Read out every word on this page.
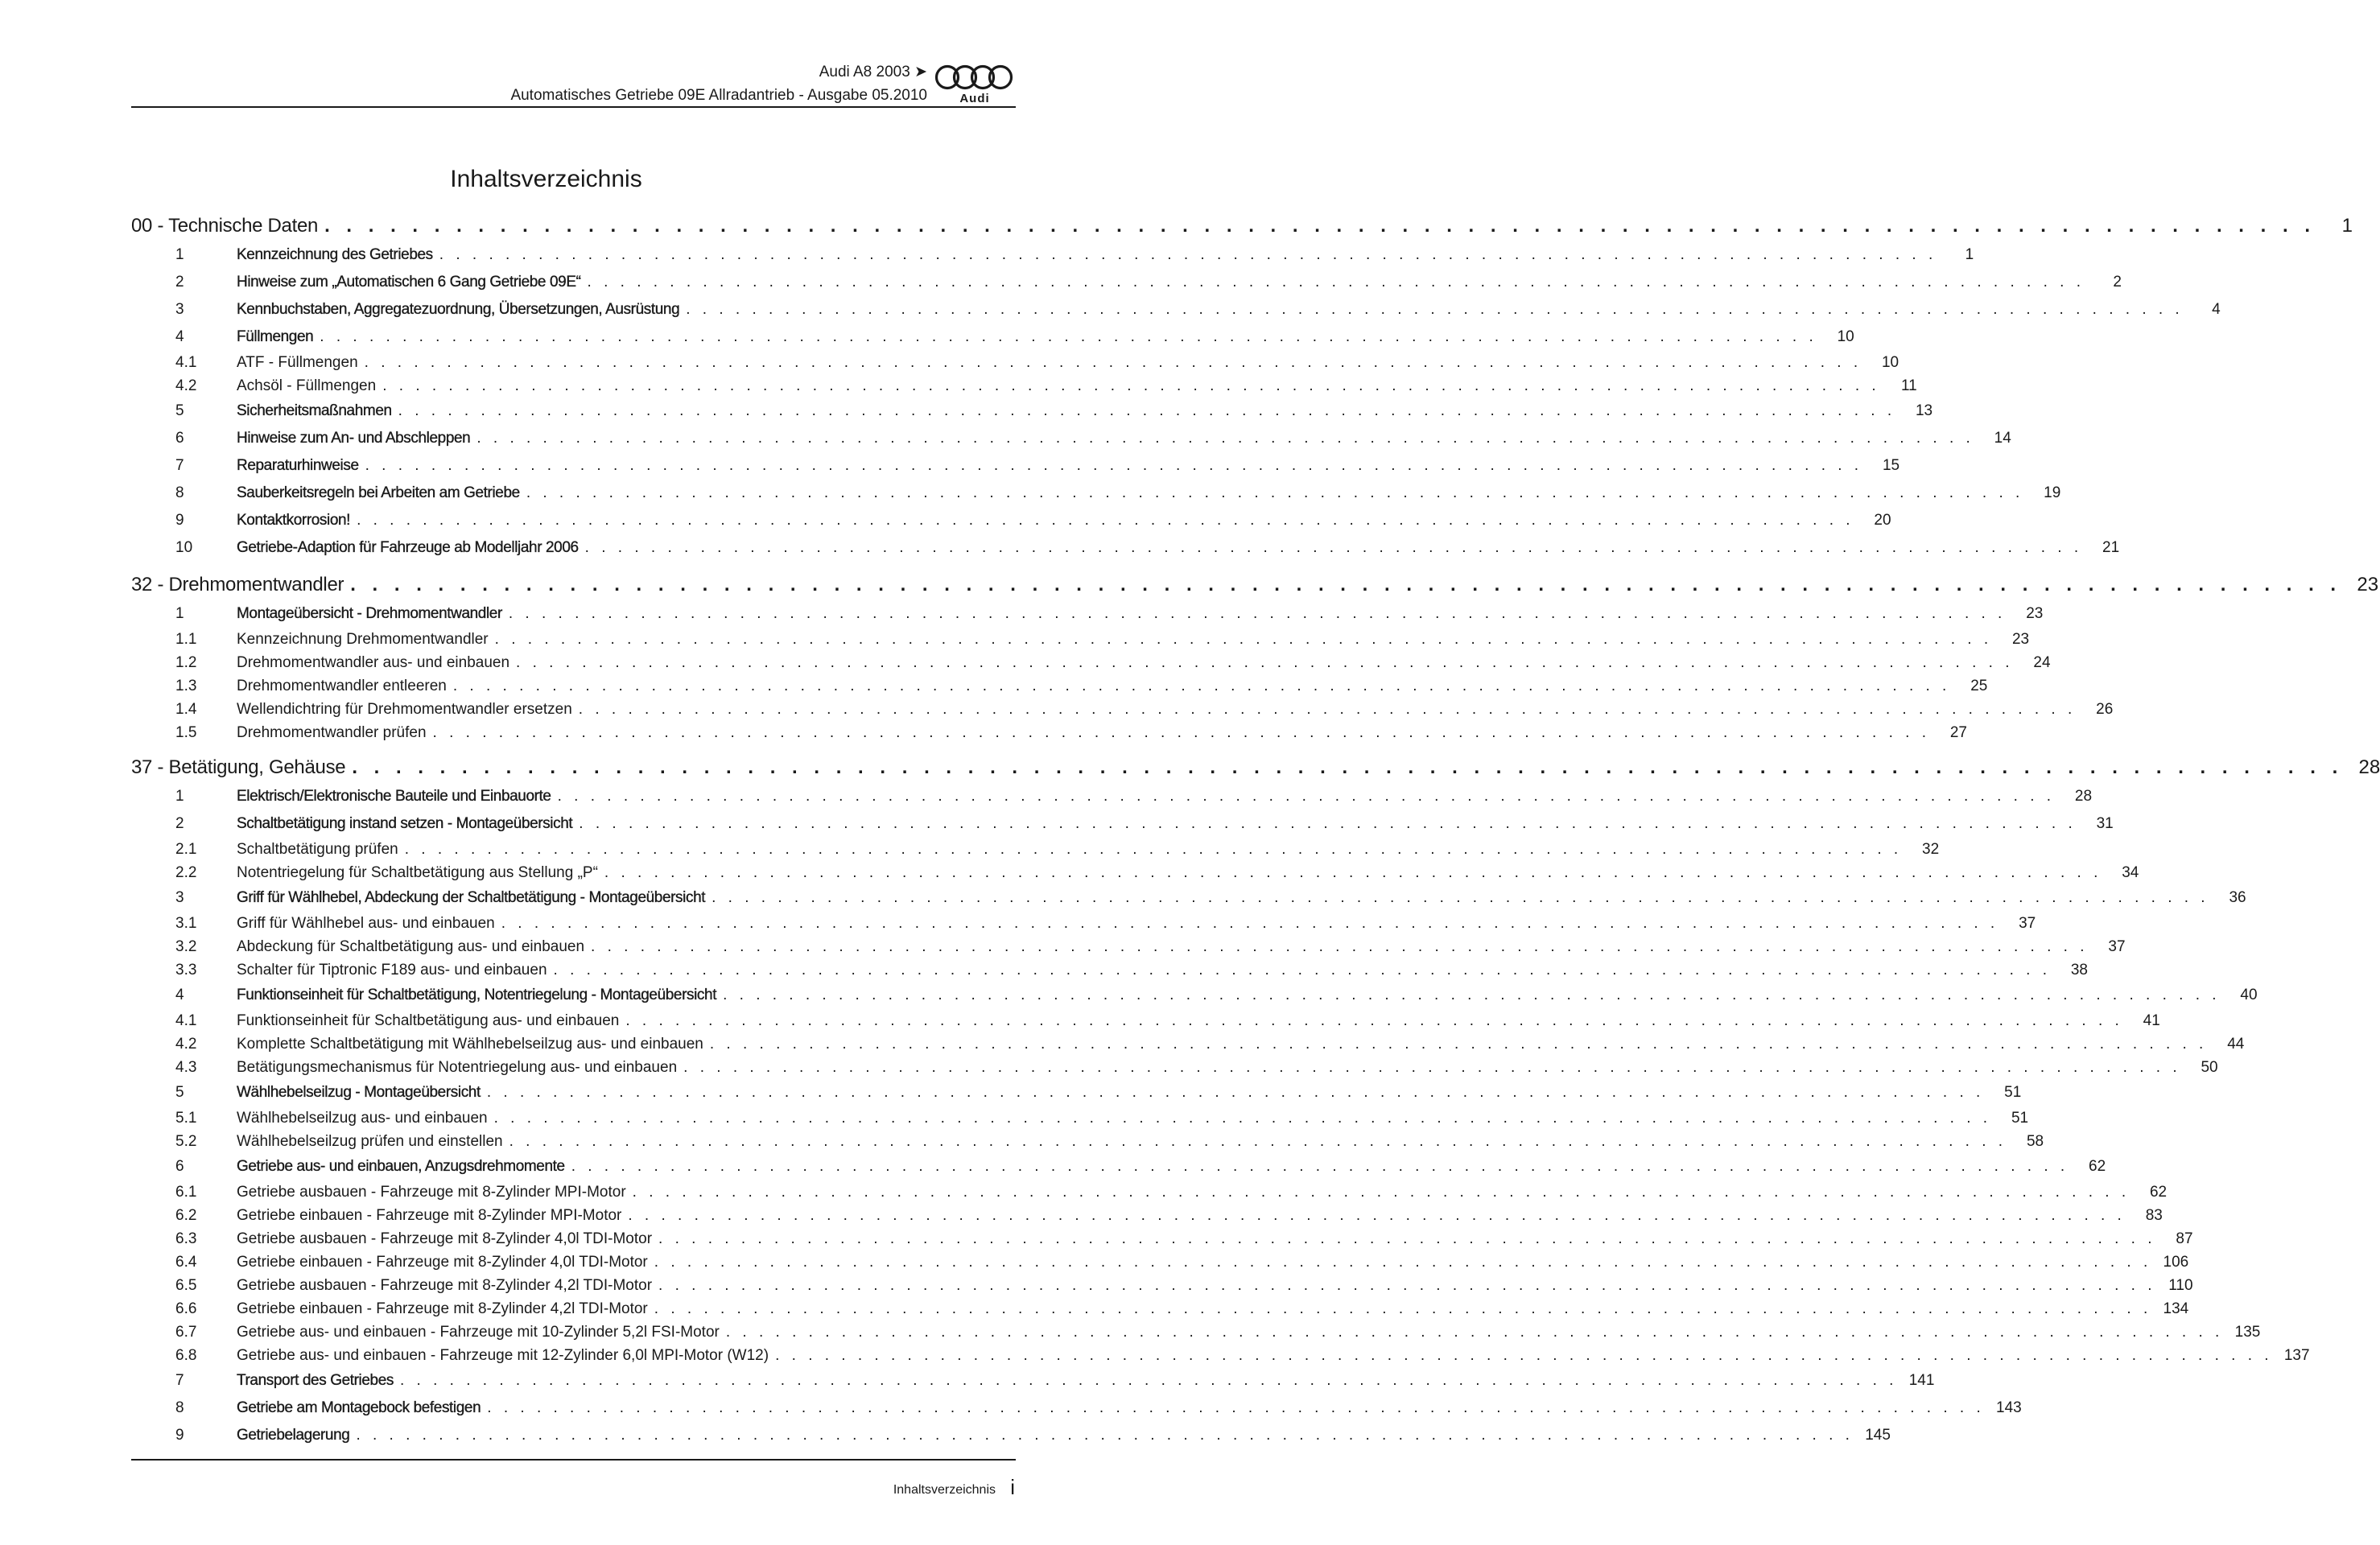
Audi A8 2003 ➤
Automatisches Getriebe 09E Allradantrieb - Ausgabe 05.2010	Audi
Inhaltsverzeichnis
00 - Technische Daten . . . . . . . . . . . . . . . . . . . . . . . . . . . . . . . . . . . . . . . . . . . . . . . . . . . . . . . . . . . . . . . . . . . . . . . . . . . . . . . . . . . . . . . . . . .	1
1	Kennzeichnung des Getriebes . . . . . . . . . . . . . . . . . . . . . . . . . . . . . . . . . . . . . . . . . . . . . . . . . . . . . . . . . . . . . . . . . . . . . . . . . . . . . . . . . . . . . . . . . . .	1
2	Hinweise zum „Automatischen 6 Gang Getriebe 09E“ . . . . . . . . . . . . . . . . . . . . . . . . . . . . . . . . . . . . . . . . . . . . . . . . . . . . . . . . . . . . . . . . . . . . . . . . . . . . . . . . . . . . . . . . . . .	2
3	Kennbuchstaben, Aggregatezuordnung, Übersetzungen, Ausrüstung . . . . . . . . . . . . . . . . . . . . . . . . . . . . . . . . . . . . . . . . . . . . . . . . . . . . . . . . . . . . . . . . . . . . . . . . . . . . . . . . . . . . . . . . . . .	4
4	Füllmengen . . . . . . . . . . . . . . . . . . . . . . . . . . . . . . . . . . . . . . . . . . . . . . . . . . . . . . . . . . . . . . . . . . . . . . . . . . . . . . . . . . . . . . . . . . .	10
4.1	ATF - Füllmengen . . . . . . . . . . . . . . . . . . . . . . . . . . . . . . . . . . . . . . . . . . . . . . . . . . . . . . . . . . . . . . . . . . . . . . . . . . . . . . . . . . . . . . . . . . .	10
4.2	Achsöl - Füllmengen . . . . . . . . . . . . . . . . . . . . . . . . . . . . . . . . . . . . . . . . . . . . . . . . . . . . . . . . . . . . . . . . . . . . . . . . . . . . . . . . . . . . . . . . . . .	11
5	Sicherheitsmaßnahmen . . . . . . . . . . . . . . . . . . . . . . . . . . . . . . . . . . . . . . . . . . . . . . . . . . . . . . . . . . . . . . . . . . . . . . . . . . . . . . . . . . . . . . . . . . .	13
6	Hinweise zum An- und Abschleppen . . . . . . . . . . . . . . . . . . . . . . . . . . . . . . . . . . . . . . . . . . . . . . . . . . . . . . . . . . . . . . . . . . . . . . . . . . . . . . . . . . . . . . . . . . .	14
7	Reparaturhinweise . . . . . . . . . . . . . . . . . . . . . . . . . . . . . . . . . . . . . . . . . . . . . . . . . . . . . . . . . . . . . . . . . . . . . . . . . . . . . . . . . . . . . . . . . . .	15
8	Sauberkeitsregeln bei Arbeiten am Getriebe . . . . . . . . . . . . . . . . . . . . . . . . . . . . . . . . . . . . . . . . . . . . . . . . . . . . . . . . . . . . . . . . . . . . . . . . . . . . . . . . . . . . . . . . . . .	19
9	Kontaktkorrosion! . . . . . . . . . . . . . . . . . . . . . . . . . . . . . . . . . . . . . . . . . . . . . . . . . . . . . . . . . . . . . . . . . . . . . . . . . . . . . . . . . . . . . . . . . . .	20
10	Getriebe-Adaption für Fahrzeuge ab Modelljahr 2006 . . . . . . . . . . . . . . . . . . . . . . . . . . . . . . . . . . . . . . . . . . . . . . . . . . . . . . . . . . . . . . . . . . . . . . . . . . . . . . . . . . . . . . . . . . .	21
32 - Drehmomentwandler . . . . . . . . . . . . . . . . . . . . . . . . . . . . . . . . . . . . . . . . . . . . . . . . . . . . . . . . . . . . . . . . . . . . . . . . . . . . . . . . . . . . . . . . . . . 23
1	Montageübersicht - Drehmomentwandler . . . . . . . . . . . . . . . . . . . . . . . . . . . . . . . . . . . . . . . . . . . . . . . . . . . . . . . . . . . . . . . . . . . . . . . . . . . . . . . . . . . . . . . . . . .	23
1.1	Kennzeichnung Drehmomentwandler . . . . . . . . . . . . . . . . . . . . . . . . . . . . . . . . . . . . . . . . . . . . . . . . . . . . . . . . . . . . . . . . . . . . . . . . . . . . . . . . . . . . . . . . . . .	23
1.2	Drehmomentwandler aus- und einbauen . . . . . . . . . . . . . . . . . . . . . . . . . . . . . . . . . . . . . . . . . . . . . . . . . . . . . . . . . . . . . . . . . . . . . . . . . . . . . . . . . . . . . . . . . . .	24
1.3	Drehmomentwandler entleeren . . . . . . . . . . . . . . . . . . . . . . . . . . . . . . . . . . . . . . . . . . . . . . . . . . . . . . . . . . . . . . . . . . . . . . . . . . . . . . . . . . . . . . . . . . .	25
1.4	Wellendichtring für Drehmomentwandler ersetzen . . . . . . . . . . . . . . . . . . . . . . . . . . . . . . . . . . . . . . . . . . . . . . . . . . . . . . . . . . . . . . . . . . . . . . . . . . . . . . . . . . . . . . . . . . .	26
1.5	Drehmomentwandler prüfen . . . . . . . . . . . . . . . . . . . . . . . . . . . . . . . . . . . . . . . . . . . . . . . . . . . . . . . . . . . . . . . . . . . . . . . . . . . . . . . . . . . . . . . . . . .	27
37 - Betätigung, Gehäuse . . . . . . . . . . . . . . . . . . . . . . . . . . . . . . . . . . . . . . . . . . . . . . . . . . . . . . . . . . . . . . . . . . . . . . . . . . . . . . . . . . . . . . . . . . . 28
1	Elektrisch/Elektronische Bauteile und Einbauorte . . . . . . . . . . . . . . . . . . . . . . . . . . . . . . . . . . . . . . . . . . . . . . . . . . . . . . . . . . . . . . . . . . . . . . . . . . . . . . . . . . . . . . . . . . .	28
2	Schaltbetätigung instand setzen - Montageübersicht . . . . . . . . . . . . . . . . . . . . . . . . . . . . . . . . . . . . . . . . . . . . . . . . . . . . . . . . . . . . . . . . . . . . . . . . . . . . . . . . . . . . . . . . . . .	31
2.1	Schaltbetätigung prüfen . . . . . . . . . . . . . . . . . . . . . . . . . . . . . . . . . . . . . . . . . . . . . . . . . . . . . . . . . . . . . . . . . . . . . . . . . . . . . . . . . . . . . . . . . . .	32
2.2	Notentriegelung für Schaltbetätigung aus Stellung „P“ . . . . . . . . . . . . . . . . . . . . . . . . . . . . . . . . . . . . . . . . . . . . . . . . . . . . . . . . . . . . . . . . . . . . . . . . . . . . . . . . . . . . . . . . . . .	34
3	Griff für Wählhebel, Abdeckung der Schaltbetätigung - Montageübersicht . . . . . . . . . . . . . . . . . . . . . . . . . . . . . . . . . . . . . . . . . . . . . . . . . . . . . . . . . . . . . . . . . . . . . . . . . . . . . . . . . . . . . . . . . . .	36
3.1	Griff für Wählhebel aus- und einbauen . . . . . . . . . . . . . . . . . . . . . . . . . . . . . . . . . . . . . . . . . . . . . . . . . . . . . . . . . . . . . . . . . . . . . . . . . . . . . . . . . . . . . . . . . . .	37
3.2	Abdeckung für Schaltbetätigung aus- und einbauen . . . . . . . . . . . . . . . . . . . . . . . . . . . . . . . . . . . . . . . . . . . . . . . . . . . . . . . . . . . . . . . . . . . . . . . . . . . . . . . . . . . . . . . . . . .	37
3.3	Schalter für Tiptronic F189 aus- und einbauen . . . . . . . . . . . . . . . . . . . . . . . . . . . . . . . . . . . . . . . . . . . . . . . . . . . . . . . . . . . . . . . . . . . . . . . . . . . . . . . . . . . . . . . . . . .	38
4	Funktionseinheit für Schaltbetätigung, Notentriegelung - Montageübersicht . . . . . . . . . . . . . . . . . . . . . . . . . . . . . . . . . . . . . . . . . . . . . . . . . . . . . . . . . . . . . . . . . . . . . . . . . . . . . . . . . . . . . . . . . . .	40
4.1	Funktionseinheit für Schaltbetätigung aus- und einbauen . . . . . . . . . . . . . . . . . . . . . . . . . . . . . . . . . . . . . . . . . . . . . . . . . . . . . . . . . . . . . . . . . . . . . . . . . . . . . . . . . . . . . . . . . . .	41
4.2	Komplette Schaltbetätigung mit Wählhebelseilzug aus- und einbauen . . . . . . . . . . . . . . . . . . . . . . . . . . . . . . . . . . . . . . . . . . . . . . . . . . . . . . . . . . . . . . . . . . . . . . . . . . . . . . . . . . . . . . . . . . .	44
4.3	Betätigungsmechanismus für Notentriegelung aus- und einbauen . . . . . . . . . . . . . . . . . . . . . . . . . . . . . . . . . . . . . . . . . . . . . . . . . . . . . . . . . . . . . . . . . . . . . . . . . . . . . . . . . . . . . . . . . . .	50
5	Wählhebelseilzug - Montageübersicht . . . . . . . . . . . . . . . . . . . . . . . . . . . . . . . . . . . . . . . . . . . . . . . . . . . . . . . . . . . . . . . . . . . . . . . . . . . . . . . . . . . . . . . . . . .	51
5.1	Wählhebelseilzug aus- und einbauen . . . . . . . . . . . . . . . . . . . . . . . . . . . . . . . . . . . . . . . . . . . . . . . . . . . . . . . . . . . . . . . . . . . . . . . . . . . . . . . . . . . . . . . . . . .	51
5.2	Wählhebelseilzug prüfen und einstellen . . . . . . . . . . . . . . . . . . . . . . . . . . . . . . . . . . . . . . . . . . . . . . . . . . . . . . . . . . . . . . . . . . . . . . . . . . . . . . . . . . . . . . . . . . .	58
6	Getriebe aus- und einbauen, Anzugsdrehmomente . . . . . . . . . . . . . . . . . . . . . . . . . . . . . . . . . . . . . . . . . . . . . . . . . . . . . . . . . . . . . . . . . . . . . . . . . . . . . . . . . . . . . . . . . . .	62
6.1	Getriebe ausbauen - Fahrzeuge mit 8-Zylinder MPI-Motor . . . . . . . . . . . . . . . . . . . . . . . . . . . . . . . . . . . . . . . . . . . . . . . . . . . . . . . . . . . . . . . . . . . . . . . . . . . . . . . . . . . . . . . . . . .	62
6.2	Getriebe einbauen - Fahrzeuge mit 8-Zylinder MPI-Motor . . . . . . . . . . . . . . . . . . . . . . . . . . . . . . . . . . . . . . . . . . . . . . . . . . . . . . . . . . . . . . . . . . . . . . . . . . . . . . . . . . . . . . . . . . .	83
6.3	Getriebe ausbauen - Fahrzeuge mit 8-Zylinder 4,0l TDI-Motor . . . . . . . . . . . . . . . . . . . . . . . . . . . . . . . . . . . . . . . . . . . . . . . . . . . . . . . . . . . . . . . . . . . . . . . . . . . . . . . . . . . . . . . . . . .	87
6.4	Getriebe einbauen - Fahrzeuge mit 8-Zylinder 4,0l TDI-Motor . . . . . . . . . . . . . . . . . . . . . . . . . . . . . . . . . . . . . . . . . . . . . . . . . . . . . . . . . . . . . . . . . . . . . . . . . . . . . . . . . . . . . . . . . . . 106
6.5	Getriebe ausbauen - Fahrzeuge mit 8-Zylinder 4,2l TDI-Motor . . . . . . . . . . . . . . . . . . . . . . . . . . . . . . . . . . . . . . . . . . . . . . . . . . . . . . . . . . . . . . . . . . . . . . . . . . . . . . . . . . . . . . . . . . . 110
6.6	Getriebe einbauen - Fahrzeuge mit 8-Zylinder 4,2l TDI-Motor . . . . . . . . . . . . . . . . . . . . . . . . . . . . . . . . . . . . . . . . . . . . . . . . . . . . . . . . . . . . . . . . . . . . . . . . . . . . . . . . . . . . . . . . . . . 134
6.7	Getriebe aus- und einbauen - Fahrzeuge mit 10-Zylinder 5,2l FSI-Motor . . . . . . . . . . . . . . . . . . . . . . . . . . . . . . . . . . . . . . . . . . . . . . . . . . . . . . . . . . . . . . . . . . . . . . . . . . . . . . . . . . . . . . . . . . . 135
6.8	Getriebe aus- und einbauen - Fahrzeuge mit 12-Zylinder 6,0l MPI-Motor (W12) . . . . . . . . . . . . . . . . . . . . . . . . . . . . . . . . . . . . . . . . . . . . . . . . . . . . . . . . . . . . . . . . . . . . . . . . . . . . . . . . . . . . . . . . . . . 137
7	Transport des Getriebes . . . . . . . . . . . . . . . . . . . . . . . . . . . . . . . . . . . . . . . . . . . . . . . . . . . . . . . . . . . . . . . . . . . . . . . . . . . . . . . . . . . . . . . . . . . 141
8	Getriebe am Montagebock befestigen . . . . . . . . . . . . . . . . . . . . . . . . . . . . . . . . . . . . . . . . . . . . . . . . . . . . . . . . . . . . . . . . . . . . . . . . . . . . . . . . . . . . . . . . . . . 143
9	Getriebelagerung . . . . . . . . . . . . . . . . . . . . . . . . . . . . . . . . . . . . . . . . . . . . . . . . . . . . . . . . . . . . . . . . . . . . . . . . . . . . . . . . . . . . . . . . . . . 145
Inhaltsverzeichnis i
